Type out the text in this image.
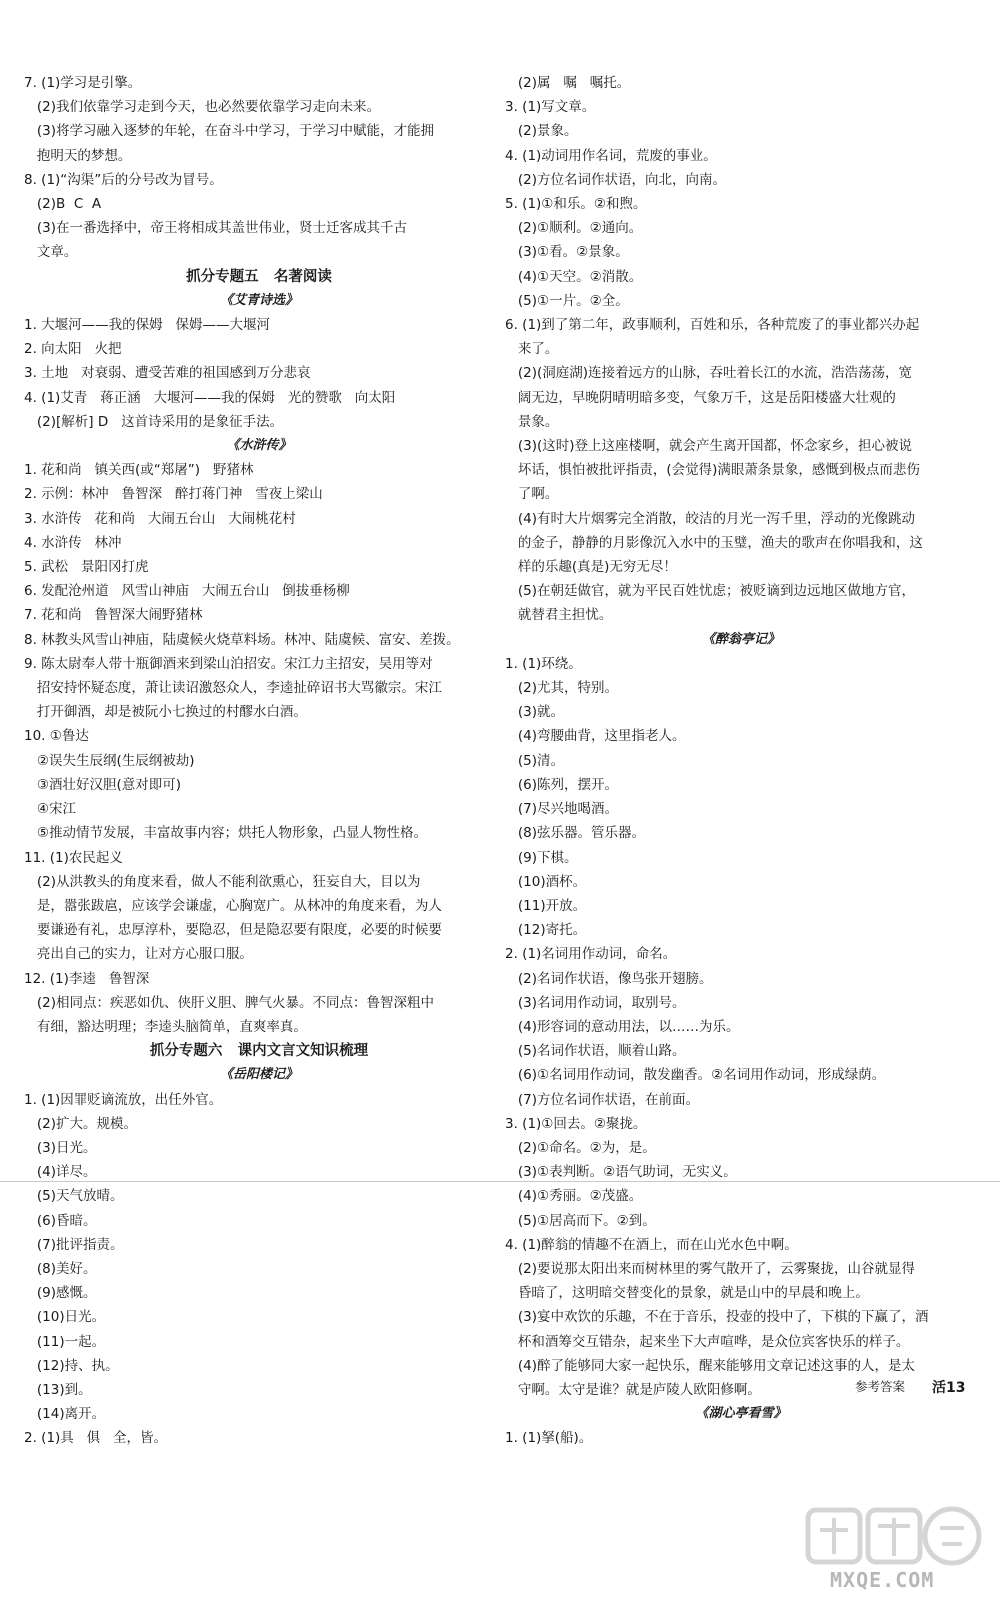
7. (1)学习是引擎。
(2)我们依靠学习走到今天，也必然要依靠学习走向未来。
(3)将学习融入逐梦的年轮，在奋斗中学习，于学习中赋能，才能拥
抱明天的梦想。
8. (1)“沟渠”后的分号改为冒号。
(2)B  C  A
(3)在一番选择中，帝王将相成其盖世伟业，贤士迁客成其千古
文章。
抓分专题五   名著阅读
《艾青诗选》
1. 大堰河——我的保姆   保姆——大堰河
2. 向太阳   火把
3. 土地   对衰弱、遭受苦难的祖国感到万分悲哀
4. (1)艾青   蒋正涵   大堰河——我的保姆   光的赞歌   向太阳
(2)[解析] D   这首诗采用的是象征手法。
《水浒传》
1. 花和尚   镇关西(或“郑屠”)   野猪林
2. 示例：林冲   鲁智深   醉打蒋门神   雪夜上梁山
3. 水浒传   花和尚   大闹五台山   大闹桃花村
4. 水浒传   林冲
5. 武松   景阳冈打虎
6. 发配沧州道   风雪山神庙   大闹五台山   倒拔垂杨柳
7. 花和尚   鲁智深大闹野猪林
8. 林教头风雪山神庙，陆虞候火烧草料场。林冲、陆虞候、富安、差拨。
9. 陈太尉奉人带十瓶御酒来到梁山泊招安。宋江力主招安，吴用等对
招安持怀疑态度，萧让读诏激怒众人，李逵扯碎诏书大骂徽宗。宋江
打开御酒，却是被阮小七换过的村醪水白酒。
10. ①鲁达
②误失生辰纲(生辰纲被劫)
③酒壮好汉胆(意对即可)
④宋江
⑤推动情节发展，丰富故事内容；烘托人物形象，凸显人物性格。
11. (1)农民起义
(2)从洪教头的角度来看，做人不能利欲熏心，狂妄自大，目以为
是，嚣张跋扈，应该学会谦虚，心胸宽广。从林冲的角度来看，为人
要谦逊有礼，忠厚淳朴，要隐忍，但是隐忍要有限度，必要的时候要
亮出自己的实力，让对方心服口服。
12. (1)李逵   鲁智深
(2)相同点：疾恶如仇、侠肝义胆、脾气火暴。不同点：鲁智深粗中
有细，豁达明理；李逵头脑简单，直爽率真。
抓分专题六   课内文言文知识梳理
《岳阳楼记》
1. (1)因罪贬谪流放，出任外官。
(2)扩大。规模。
(3)日光。
(4)详尽。
(5)天气放晴。
(6)昏暗。
(7)批评指责。
(8)美好。
(9)感慨。
(10)日光。
(11)一起。
(12)持、执。
(13)到。
(14)离开。
2. (1)具   俱   全，皆。
(2)属   嘱   嘱托。
3. (1)写文章。
(2)景象。
4. (1)动词用作名词，荒废的事业。
(2)方位名词作状语，向北，向南。
5. (1)①和乐。②和煦。
(2)①顺利。②通向。
(3)①看。②景象。
(4)①天空。②消散。
(5)①一片。②全。
6. (1)到了第二年，政事顺利，百姓和乐，各种荒废了的事业都兴办起
来了。
(2)(洞庭湖)连接着远方的山脉，吞吐着长江的水流，浩浩荡荡，宽
阔无边，早晚阴晴明暗多变，气象万千，这是岳阳楼盛大壮观的
景象。
(3)(这时)登上这座楼啊，就会产生离开国都，怀念家乡，担心被说
坏话，惧怕被批评指责，(会觉得)满眼萧条景象，感慨到极点而悲伤
了啊。
(4)有时大片烟雾完全消散，皎洁的月光一泻千里，浮动的光像跳动
的金子，静静的月影像沉入水中的玉璧，渔夫的歌声在你唱我和，这
样的乐趣(真是)无穷无尽！
(5)在朝廷做官，就为平民百姓忧虑；被贬谪到边远地区做地方官，
就替君主担忧。
《醉翁亭记》
1. (1)环绕。
(2)尤其，特别。
(3)就。
(4)弯腰曲背，这里指老人。
(5)清。
(6)陈列，摆开。
(7)尽兴地喝酒。
(8)弦乐器。管乐器。
(9)下棋。
(10)酒杯。
(11)开放。
(12)寄托。
2. (1)名词用作动词，命名。
(2)名词作状语，像鸟张开翅膀。
(3)名词用作动词，取别号。
(4)形容词的意动用法，以……为乐。
(5)名词作状语，顺着山路。
(6)①名词用作动词，散发幽香。②名词用作动词，形成绿荫。
(7)方位名词作状语，在前面。
3. (1)①回去。②聚拢。
(2)①命名。②为，是。
(3)①表判断。②语气助词，无实义。
(4)①秀丽。②茂盛。
(5)①居高而下。②到。
4. (1)醉翁的情趣不在酒上，而在山光水色中啊。
(2)要说那太阳出来而树林里的雾气散开了，云雾聚拢，山谷就显得
昏暗了，这明暗交替变化的景象，就是山中的早晨和晚上。
(3)宴中欢饮的乐趣，不在于音乐，投壶的投中了，下棋的下赢了，酒
杯和酒筹交互错杂，起来坐下大声喧哗，是众位宾客快乐的样子。
(4)醉了能够同大家一起快乐，醒来能够用文章记述这事的人，是太
守啊。太守是谁？就是庐陵人欧阳修啊。
《湖心亭看雪》
1. (1)拏(船)。
参考答案 活13
MXQE.COM
